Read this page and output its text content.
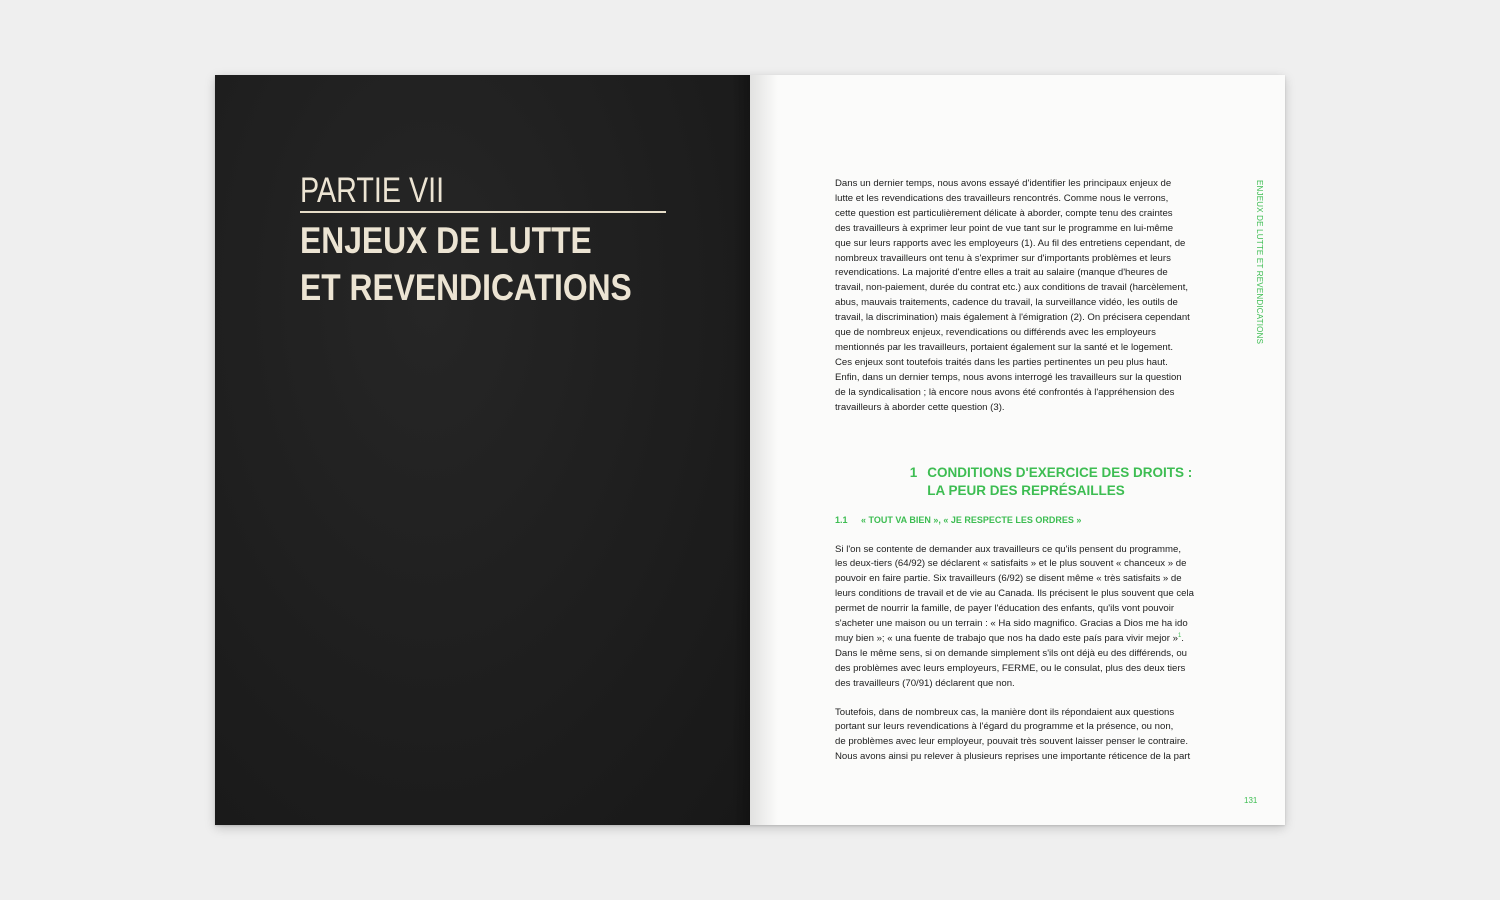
PARTIE VII
ENJEUX DE LUTTE
ET REVENDICATIONS

Dans un dernier temps, nous avons essayé d'identifier les principaux enjeux de
lutte et les revendications des travailleurs rencontrés. Comme nous le verrons,
cette question est particulièrement délicate à aborder, compte tenu des craintes
des travailleurs à exprimer leur point de vue tant sur le programme en lui-même
que sur leurs rapports avec les employeurs (1). Au fil des entretiens cependant, de
nombreux travailleurs ont tenu à s'exprimer sur d'importants problèmes et leurs
revendications. La majorité d'entre elles a trait au salaire (manque d'heures de
travail, non-paiement, durée du contrat etc.) aux conditions de travail (harcèlement,
abus, mauvais traitements, cadence du travail, la surveillance vidéo, les outils de
travail, la discrimination) mais également à l'émigration (2). On précisera cependant
que de nombreux enjeux, revendications ou différends avec les employeurs
mentionnés par les travailleurs, portaient également sur la santé et le logement.
Ces enjeux sont toutefois traités dans les parties pertinentes un peu plus haut.
Enfin, dans un dernier temps, nous avons interrogé les travailleurs sur la question
de la syndicalisation ; là encore nous avons été confrontés à l'appréhension des
travailleurs à aborder cette question (3).

1 CONDITIONS D'EXERCICE DES DROITS :
LA PEUR DES REPRÉSAILLES
1.1	« TOUT VA BIEN », « JE RESPECTE LES ORDRES »

Si l'on se contente de demander aux travailleurs ce qu'ils pensent du programme,
les deux-tiers (64/92) se déclarent « satisfaits » et le plus souvent « chanceux » de
pouvoir en faire partie. Six travailleurs (6/92) se disent même « très satisfaits » de
leurs conditions de travail et de vie au Canada. Ils précisent le plus souvent que cela
permet de nourrir la famille, de payer l'éducation des enfants, qu'ils vont pouvoir
s'acheter une maison ou un terrain : « Ha sido magnifico. Gracias a Dios me ha ido
muy bien »; « una fuente de trabajo que nos ha dado este país para vivir mejor »$^1$.
Dans le même sens, si on demande simplement s'ils ont déjà eu des différends, ou
des problèmes avec leurs employeurs, FERME, ou le consulat, plus des deux tiers
des travailleurs (70/91) déclarent que non.

Toutefois, dans de nombreux cas, la manière dont ils répondaient aux questions
portant sur leurs revendications à l'égard du programme et la présence, ou non,
de problèmes avec leur employeur, pouvait très souvent laisser penser le contraire.
Nous avons ainsi pu relever à plusieurs reprises une importante réticence de la part

ENJEUX DE LUTTE ET REVENDICATIONS
131
